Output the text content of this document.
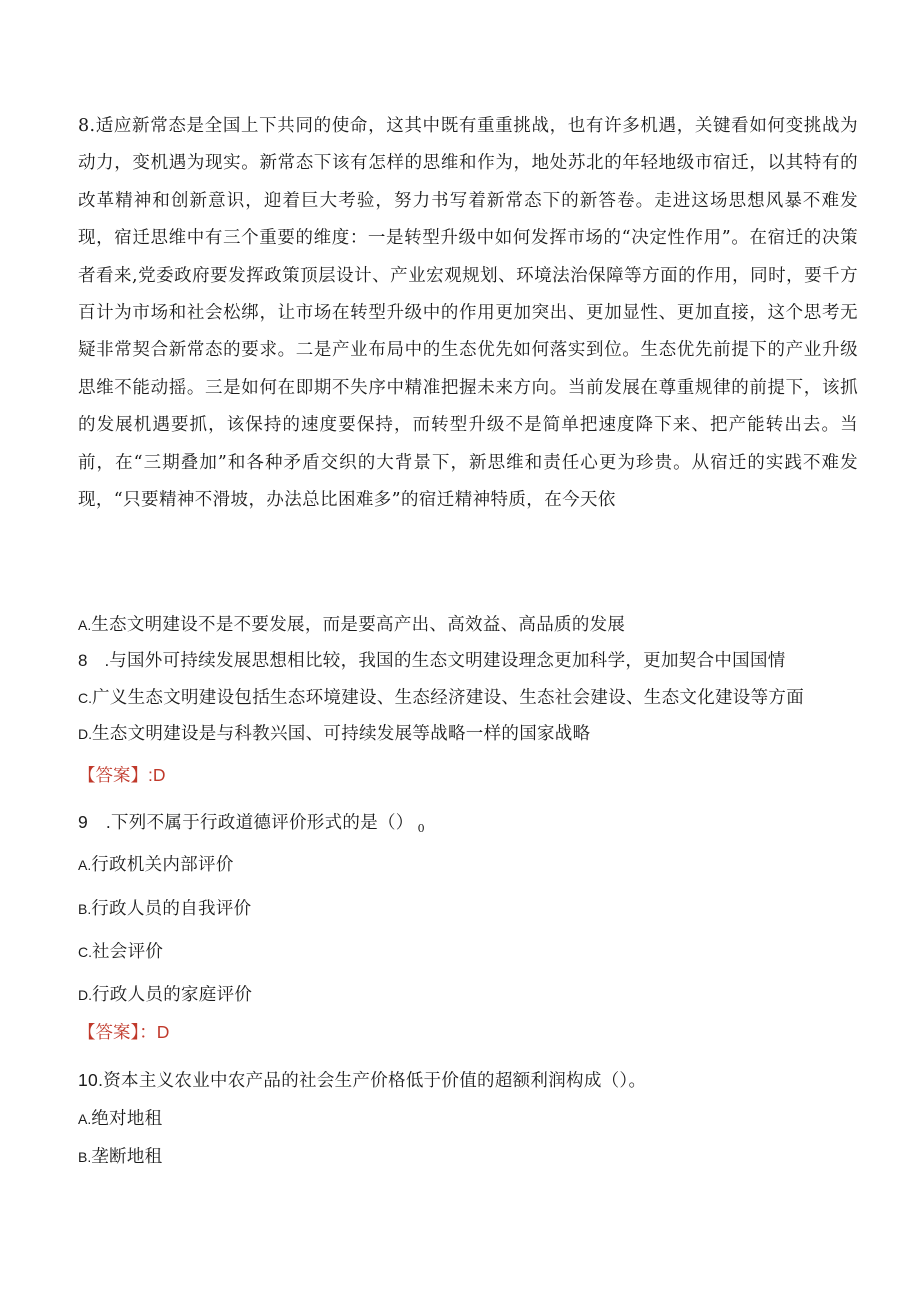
8.适应新常态是全国上下共同的使命，这其中既有重重挑战，也有许多机遇，关键看如何变挑战为动力，变机遇为现实。新常态下该有怎样的思维和作为，地处苏北的年轻地级市宿迁，以其特有的改革精神和创新意识，迎着巨大考验，努力书写着新常态下的新答卷。走进这场思想风暴不难发现，宿迁思维中有三个重要的维度：一是转型升级中如何发挥市场的“决定性作用”。在宿迁的决策者看来,党委政府要发挥政策顶层设计、产业宏观规划、环境法治保障等方面的作用，同时，要千方百计为市场和社会松绑，让市场在转型升级中的作用更加突出、更加显性、更加直接，这个思考无疑非常契合新常态的要求。二是产业布局中的生态优先如何落实到位。生态优先前提下的产业升级思维不能动摇。三是如何在即期不失序中精准把握未来方向。当前发展在尊重规律的前提下，该抓的发展机遇要抓，该保持的速度要保持，而转型升级不是简单把速度降下来、把产能转出去。当前，在“三期叠加”和各种矛盾交织的大背景下，新思维和责任心更为珍贵。从宿迁的实践不难发现，“只要精神不滑坡，办法总比困难多”的宿迁精神特质，在今天依

A.生态文明建设不是不要发展，而是要高产出、高效益、高品质的发展

8　.与国外可持续发展思想相比较，我国的生态文明建设理念更加科学，更加契合中国国情

C.广义生态文明建设包括生态环境建设、生态经济建设、生态社会建设、生态文化建设等方面

D.生态文明建设是与科教兴国、可持续发展等战略一样的国家战略

【答案】:D

9　.下列不属于行政道德评价形式的是（） $_0$

A.行政机关内部评价

B.行政人员的自我评价

C.社会评价

D.行政人员的家庭评价

【答案】：D

10.资本主义农业中农产品的社会生产价格低于价值的超额利润构成（）。

A.绝对地租

B.垄断地租
